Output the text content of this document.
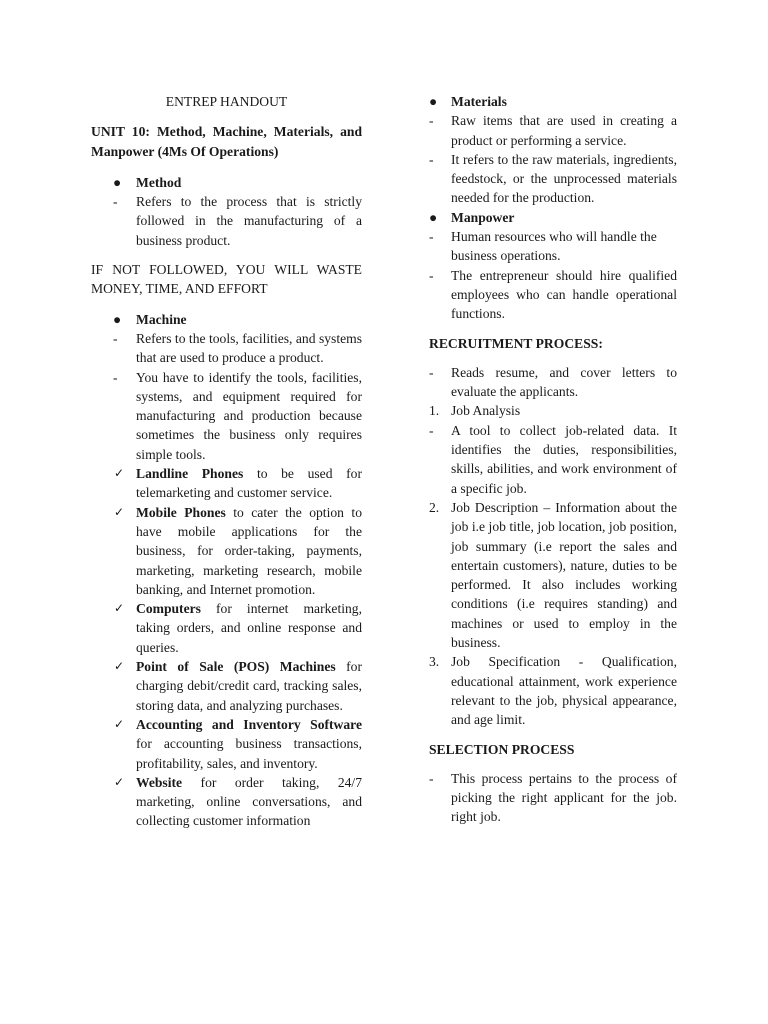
ENTREP HANDOUT

UNIT 10: Method, Machine, Materials, and Manpower (4Ms Of Operations)

● Method
- Refers to the process that is strictly followed in the manufacturing of a business product.

IF NOT FOLLOWED, YOU WILL WASTE MONEY, TIME, AND EFFORT

● Machine
- Refers to the tools, facilities, and systems that are used to produce a product.
- You have to identify the tools, facilities, systems, and equipment required for manufacturing and production because sometimes the business only requires simple tools.
✓ Landline Phones to be used for telemarketing and customer service.
✓ Mobile Phones to cater the option to have mobile applications for the business, for order-taking, payments, marketing, marketing research, mobile banking, and Internet promotion.
✓ Computers for internet marketing, taking orders, and online response and queries.
✓ Point of Sale (POS) Machines for charging debit/credit card, tracking sales, storing data, and analyzing purchases.
✓ Accounting and Inventory Software for accounting business transactions, profitability, sales, and inventory.
✓ Website for order taking, 24/7 marketing, online conversations, and collecting customer information
● Materials
- Raw items that are used in creating a product or performing a service.
- It refers to the raw materials, ingredients, feedstock, or the unprocessed materials needed for the production.
● Manpower
- Human resources who will handle the
business operations.
- The entrepreneur should hire qualified employees who can handle operational functions.

RECRUITMENT PROCESS:

- Reads resume, and cover letters to evaluate the applicants.
1. Job Analysis
- A tool to collect job-related data. It identifies the duties, responsibilities, skills, abilities, and work environment of a specific job.
2. Job Description – Information about the job i.e job title, job location, job position, job summary (i.e report the sales and entertain customers), nature, duties to be performed. It also includes working conditions (i.e requires standing) and machines or used to employ in the business.
3. Job Specification - Qualification, educational attainment, work experience relevant to the job, physical appearance, and age limit.

SELECTION PROCESS

- This process pertains to the process of picking the right applicant for the job. right job.
